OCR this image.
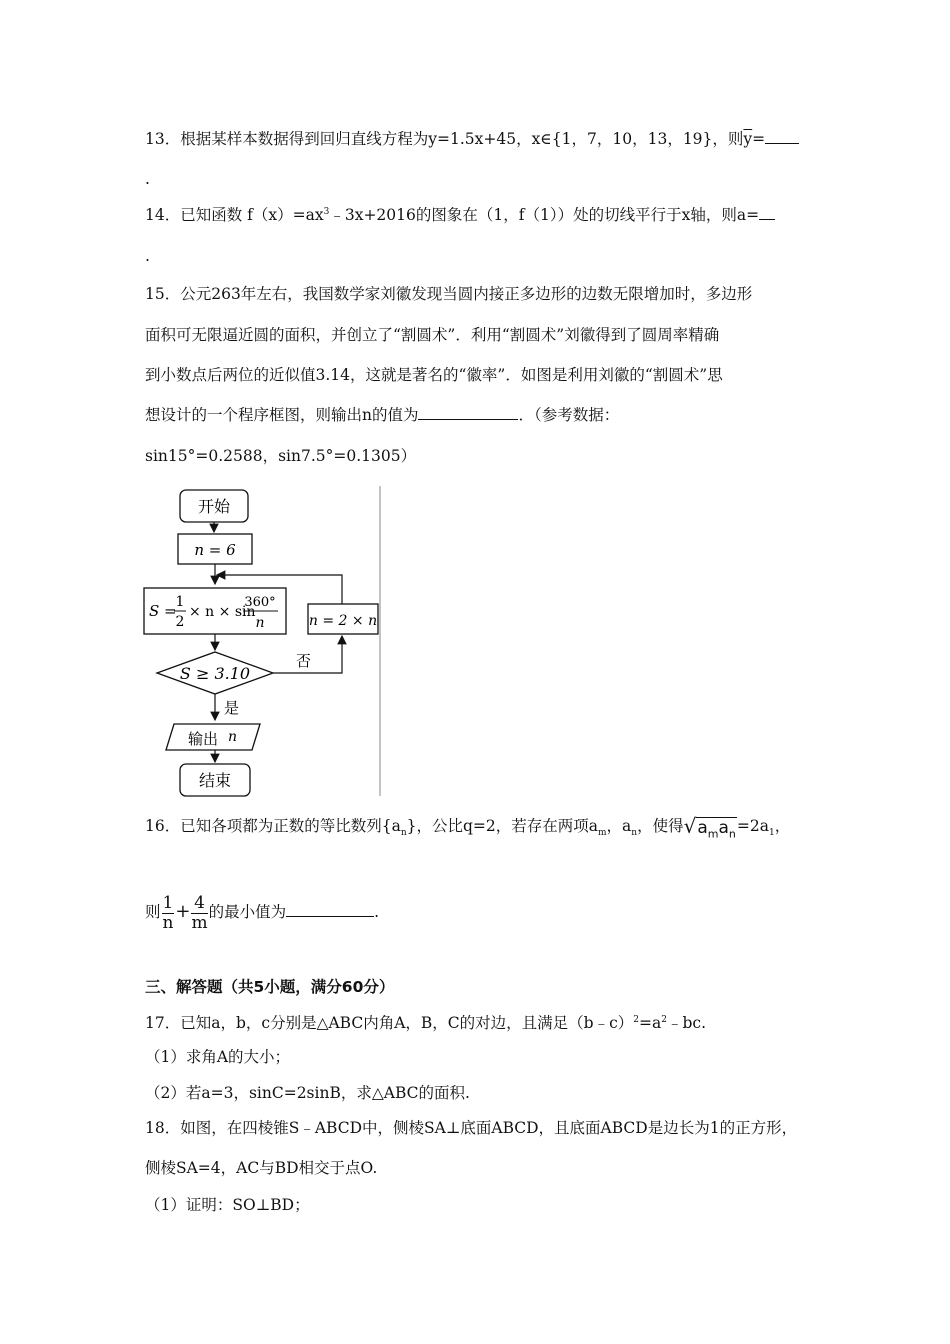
13．根据某样本数据得到回归直线方程为y=1.5x+45，x∈{1，7，10，13，19}，则$\overline{y}=$
.
14．已知函数 $f(x)=ax^3﹣3x+2016$的图象在（1，f（1））处的切线平行于x轴，则a=
.
15．公元263年左右，我国数学家刘徽发现当圆内接正多边形的边数无限增加时，多边形
面积可无限逼近圆的面积，并创立了“割圆术”．利用“割圆术”刘徽得到了圆周率精确
到小数点后两位的近似值3.14，这就是著名的“徽率”．如图是利用刘徽的“割圆术”思
想设计的一个程序框图，则输出n的值为	．（参考数据：
sin15°=0.2588，sin7.5°=0.1305）
开始
n = 6
S =
1
2
× n × sin
360°
n	n = 2 × n
S ≥ 3.10
否
是
输出 n
结束
16．已知各项都为正数的等比数列$\{a_n\}$，公比q=2，若存在两项$a_m$，$a_n$，使得$√a_ma_n=2a_1$，
则 $\frac{1}{n} + \frac{4}{m}$ 的最小值为	.
三、解答题（共5小题，满分60分）
17．已知a，b，c分别是△ABC内角A，B，C的对边，且满足$(b﹣c)^2=a^2﹣bc$.
（1）求角A的大小；
（2）若a=3，sinC=2sinB，求△ABC的面积.
18．如图，在四棱锥S﹣ABCD中，侧棱SA⊥底面ABCD，且底面ABCD是边长为1的正方形，
侧棱SA=4，AC与BD相交于点O.
（1）证明：SO⊥BD；
